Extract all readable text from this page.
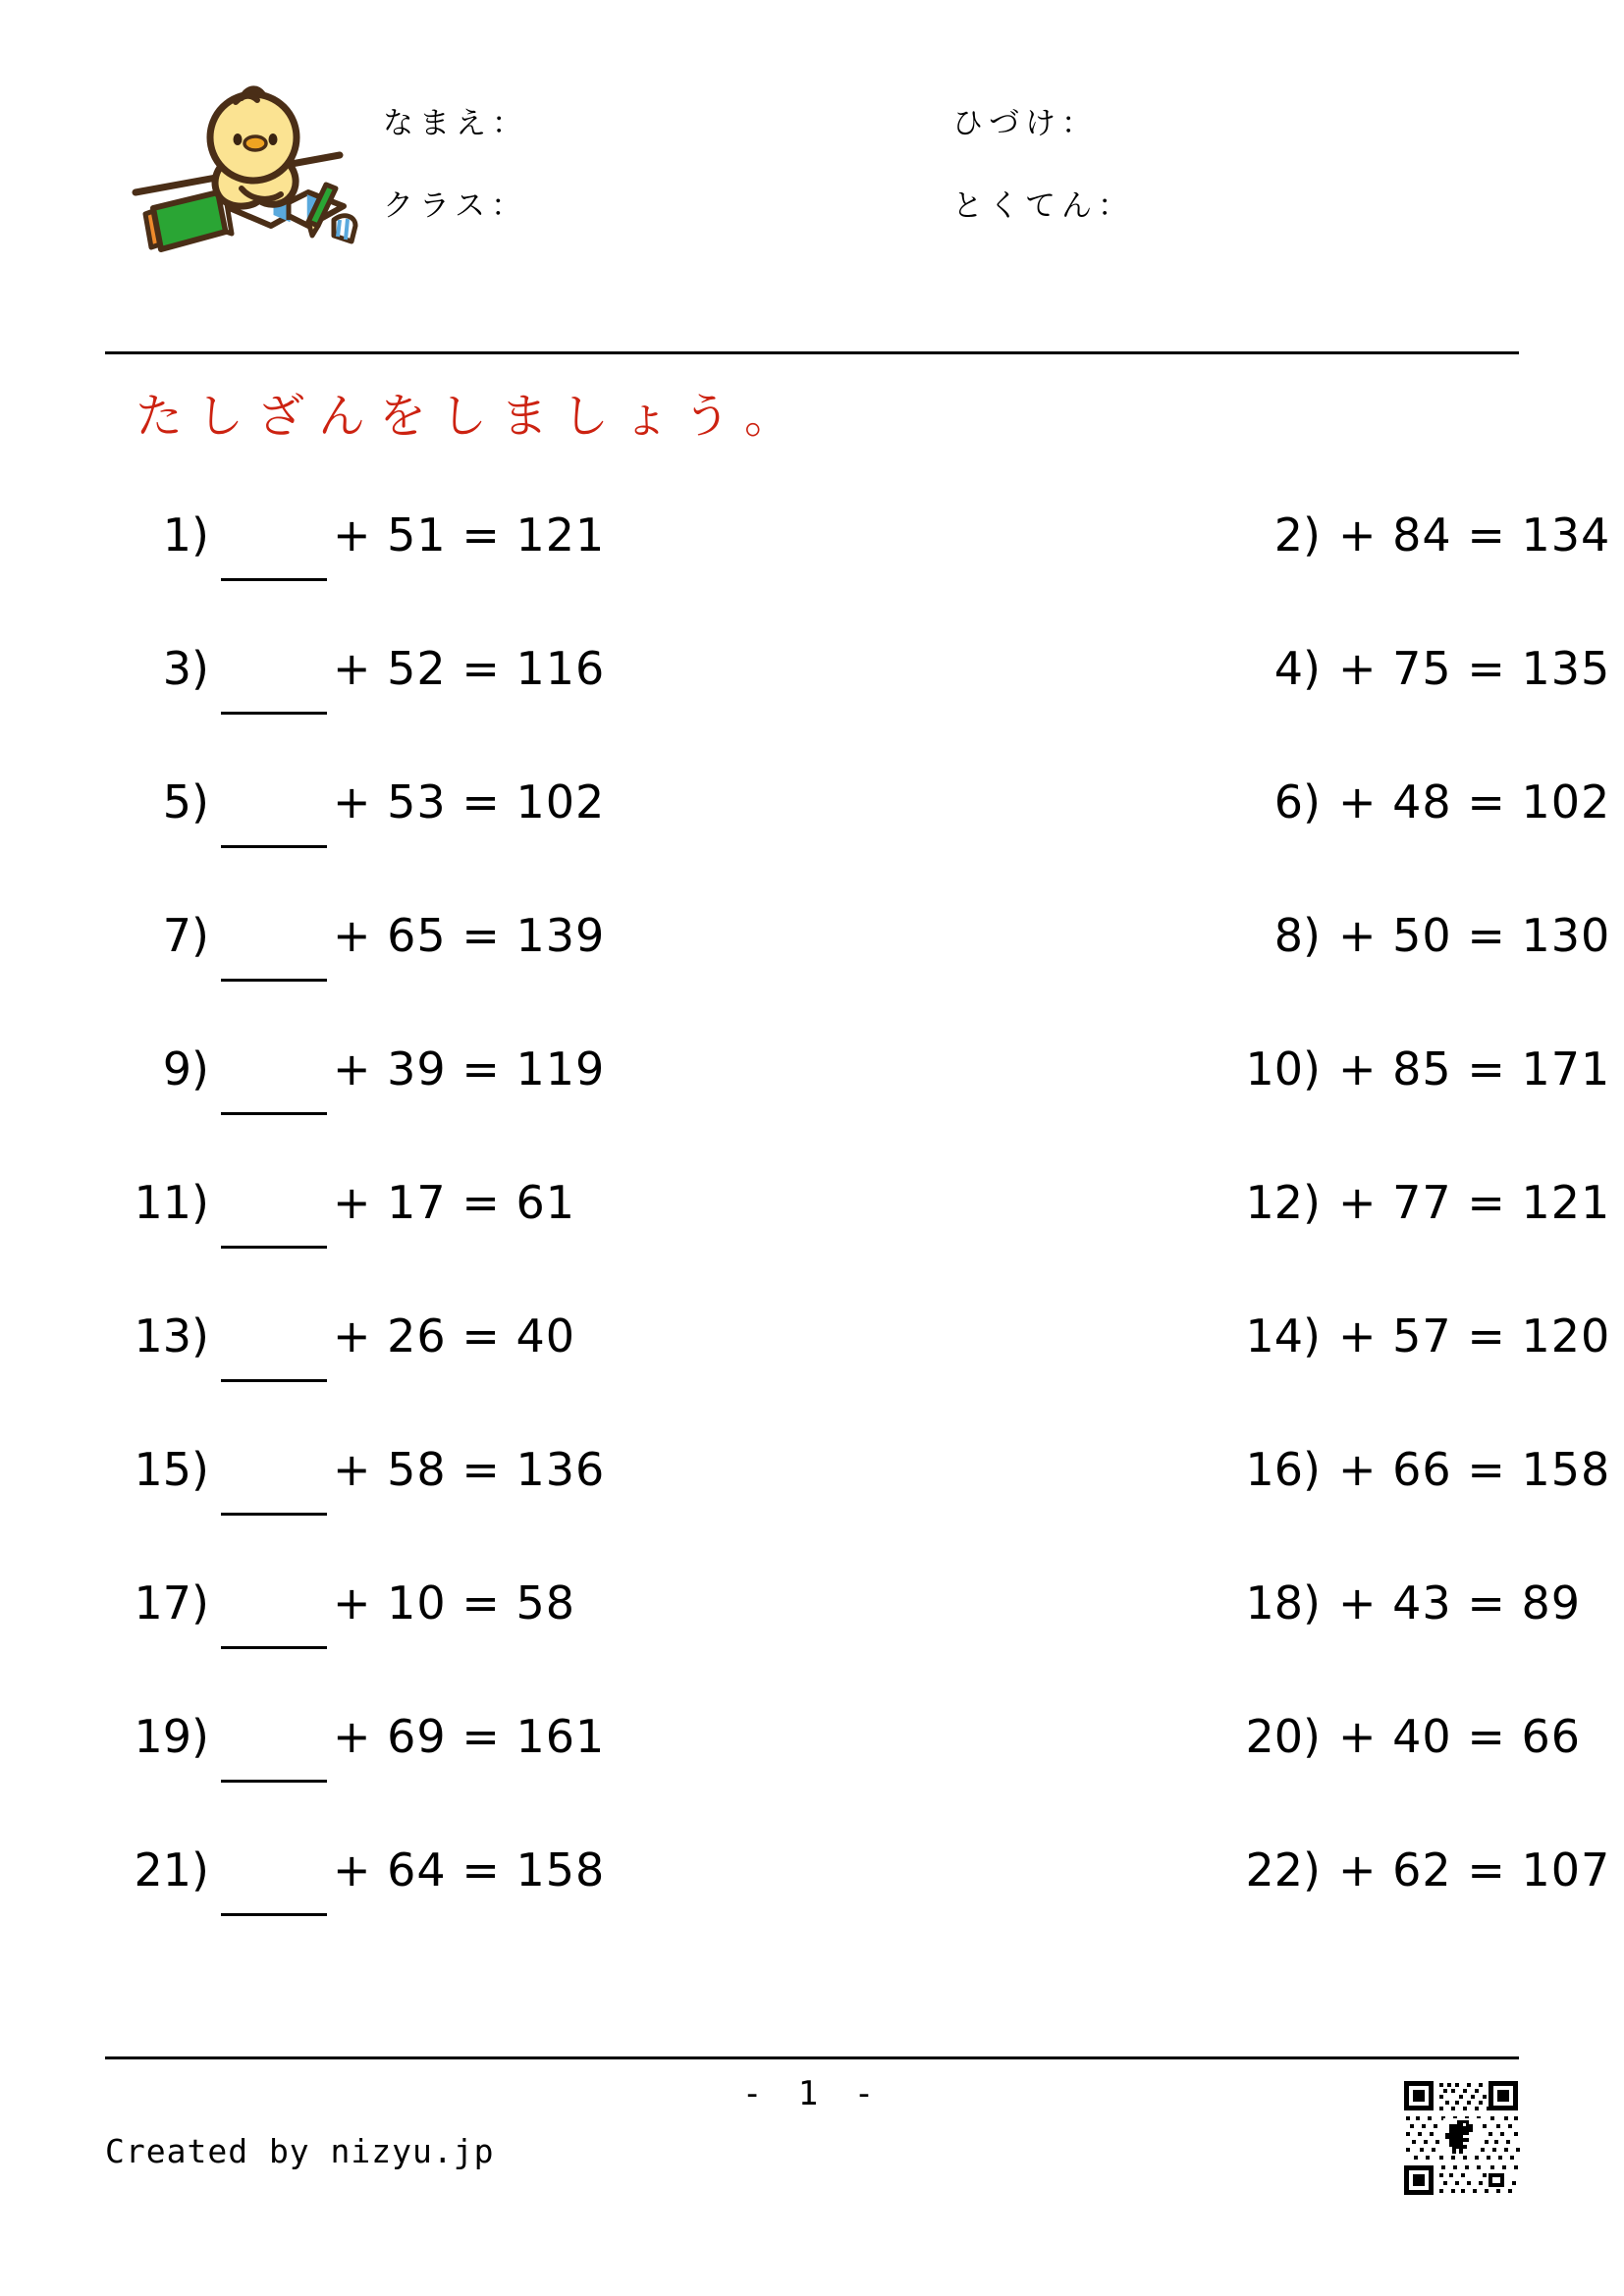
なまえ：	ひづけ：
クラス：	とくてん：
たしざんをしましょう。
1)	+ 51 = 121	2) + 84 = 134
3)	+ 52 = 116	4) + 75 = 135
5)	+ 53 = 102	6) + 48 = 102
7)	+ 65 = 139	8) + 50 = 130
9)	+ 39 = 119	10) + 85 = 171
11)	+ 17 = 61	12) + 77 = 121
13)	+ 26 = 40	14) + 57 = 120
15)	+ 58 = 136	16) + 66 = 158
17)	+ 10 = 58	18) + 43 = 89
19)	+ 69 = 161	20) + 40 = 66
21)	+ 64 = 158	22) + 62 = 107
- 1 -
Created by nizyu.jp
